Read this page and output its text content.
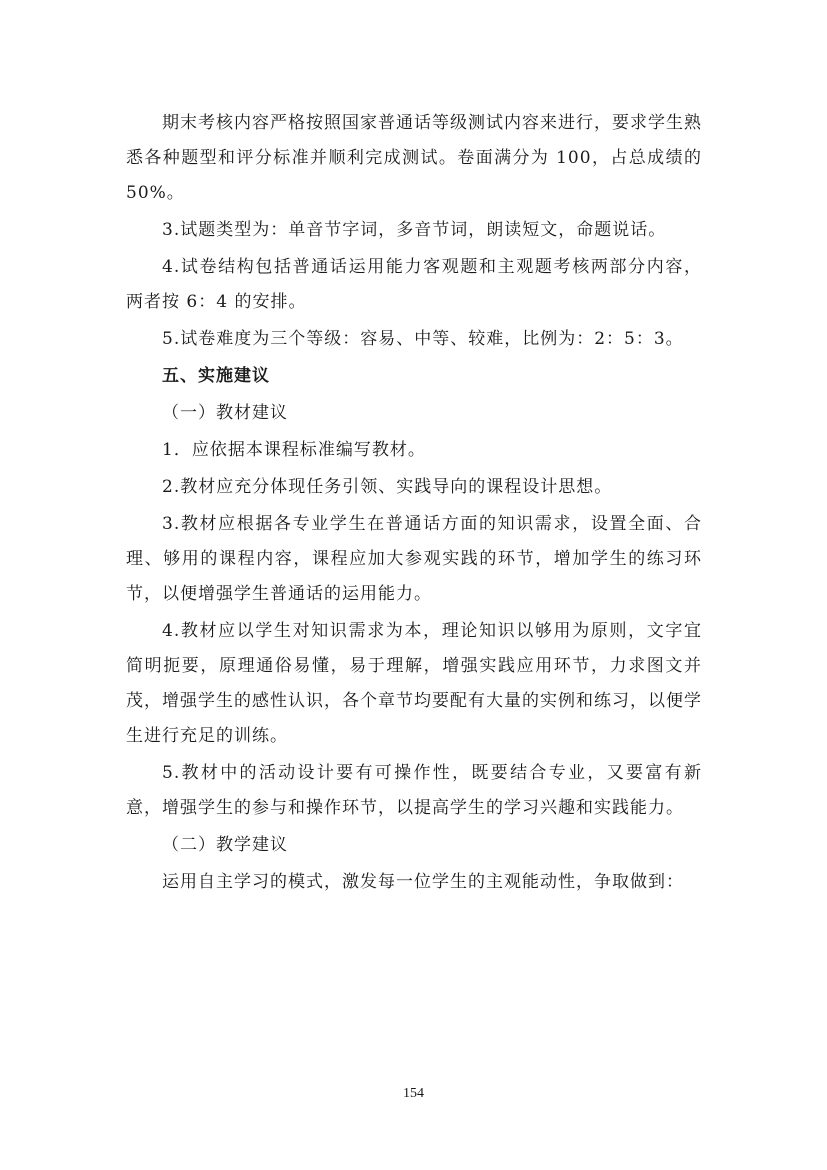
期末考核内容严格按照国家普通话等级测试内容来进行，要求学生熟悉各种题型和评分标准并顺利完成测试。卷面满分为 100，占总成绩的 50%。

3.试题类型为：单音节字词，多音节词，朗读短文，命题说话。

4.试卷结构包括普通话运用能力客观题和主观题考核两部分内容，两者按 6：4 的安排。

5.试卷难度为三个等级：容易、中等、较难，比例为：2：5：3。

五、实施建议

（一）教材建议

1．应依据本课程标准编写教材。

2.教材应充分体现任务引领、实践导向的课程设计思想。

3.教材应根据各专业学生在普通话方面的知识需求，设置全面、合理、够用的课程内容，课程应加大参观实践的环节，增加学生的练习环节，以便增强学生普通话的运用能力。

4.教材应以学生对知识需求为本，理论知识以够用为原则，文字宜简明扼要，原理通俗易懂，易于理解，增强实践应用环节，力求图文并茂，增强学生的感性认识，各个章节均要配有大量的实例和练习，以便学生进行充足的训练。

5.教材中的活动设计要有可操作性，既要结合专业，又要富有新意，增强学生的参与和操作环节，以提高学生的学习兴趣和实践能力。

（二）教学建议

运用自主学习的模式，激发每一位学生的主观能动性，争取做到：

154
